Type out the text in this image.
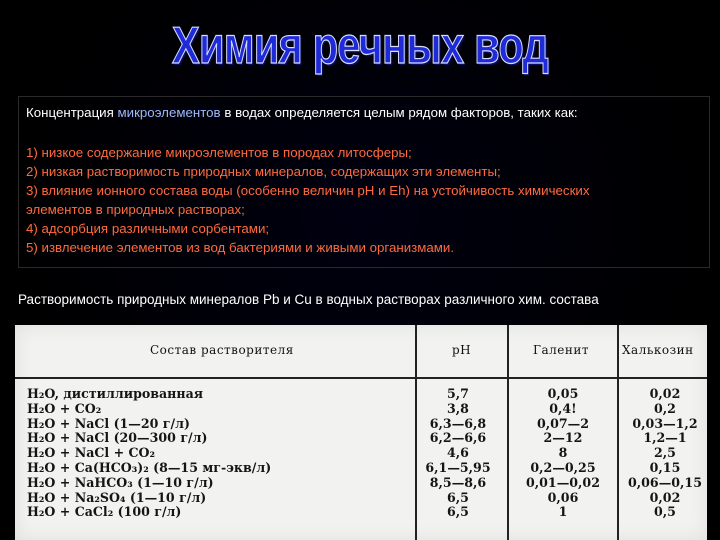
Химия речных вод
Концентрация микроэлементов в водах определяется целым рядом факторов, таких как:
1) низкое содержание микроэлементов в породах литосферы;
2) низкая растворимость природных минералов, содержащих эти элементы;
3) влияние ионного состава воды (особенно величин pH и Eh) на устойчивость химических
элементов в природных растворах;
4) адсорбция различными сорбентами;
5) извлечение элементов из вод бактериями и живыми организмами.
Растворимость природных минералов Pb и Cu в водных растворах различного хим. состава
Состав растворителя	pH	Галенит	Халькозин
H₂O, дистиллированная	5,7	0,05	0,02
H₂O + CO₂	3,8	0,4!	0,2
H₂O + NaCl (1—20 г/л)	6,3—6,8	0,07—2	0,03—1,2
H₂O + NaCl (20—300 г/л)	6,2—6,6	2—12	1,2—1
H₂O + NaCl + CO₂	4,6	8	2,5
H₂O + Ca(HCO₃)₂ (8—15 мг-экв/л)	6,1—5,95	0,2—0,25	0,15
H₂O + NaHCO₃ (1—10 г/л)	8,5—8,6	0,01—0,02	0,06—0,15
H₂O + Na₂SO₄ (1—10 г/л)	6,5	0,06	0,02
H₂O + CaCl₂ (100 г/л)	6,5	1	0,5
